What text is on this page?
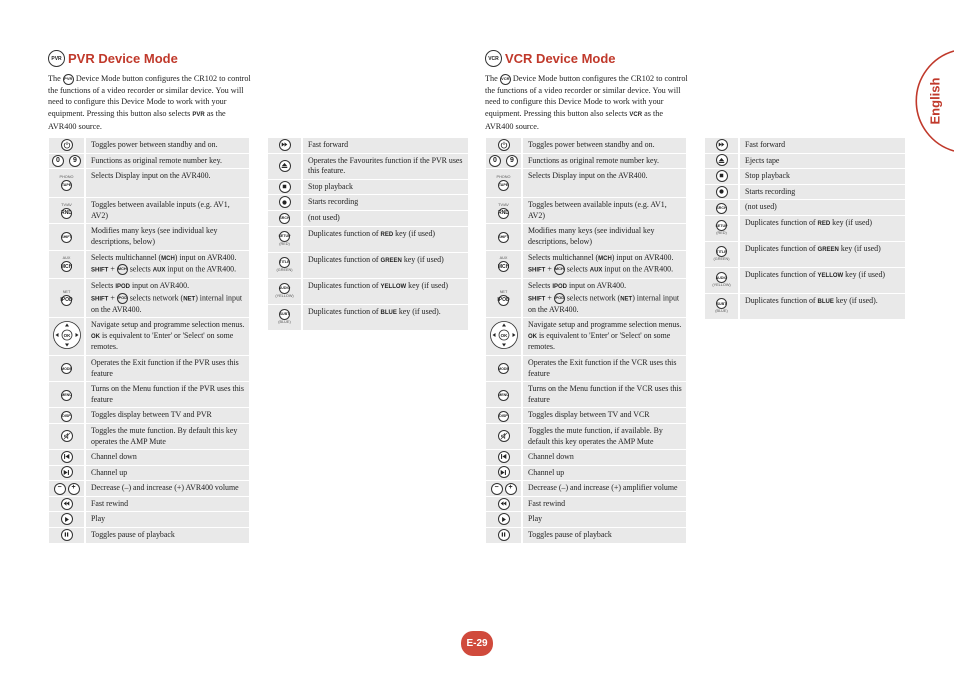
PVR PVR Device Mode
The PVR Device Mode button configures the CR102 to control the functions of a video recorder or similar device. You will need to configure this Device Mode to work with your equipment. Pressing this button also selects PVR as the AVR400 source.
	Toggles power between standby and on.

0 9	Functions as original remote number key.

PHONO
TAPE	Selects Display input on the AVR400.

TV/AV
RND	Toggles between available inputs (e.g. AV1, AV2)
SHIFT	Modifies many keys (see individual key descriptions, below)

AUX
MCH	Selects multichannel (MCH) input on AVR400.
SHIFT + MCH selects AUX input on the AVR400.

NET
IPOD	Selects IPOD input on AVR400.
SHIFT + IPOD selects network (NET) internal input on the AVR400.

OK	Navigate setup and programme selection menus.
OK is equivalent to 'Enter' or 'Select' on some remotes.
MODE	Operates the Exit function if the PVR uses this feature
MENU	Turns on the Menu function if the PVR uses this feature
DISP	Toggles display between TV and PVR

	Toggles the mute function. By default this key operates the AMP Mute

	Channel down

	Channel up

− +	Decrease (–) and increase (+) AVR400 volume

	Fast rewind

	Play

	Toggles pause of playback
	Fast forward

	Operates the Favourites function if the PVR uses this feature.

	Stop playback

	Starts recording
SRCH	(not used)

SETUP
(RED)	Duplicates function of RED key (if used)

TITLE
(GREEN)	Duplicates function of GREEN key (if used)

AUDIO
(YELLOW)	Duplicates function of YELLOW key (if used)

SUBT
(BLUE)	Duplicates function of BLUE key (if used).
VCR VCR Device Mode
The VCR Device Mode button configures the CR102 to control the functions of a video recorder or similar device. You will need to configure this Device Mode to work with your equipment. Pressing this button also selects VCR as the AVR400 source.
	Toggles power between standby and on.

0 9	Functions as original remote number key.

PHONO
TAPE	Selects Display input on the AVR400.

TV/AV
RND	Toggles between available inputs (e.g. AV1, AV2)
SHIFT	Modifies many keys (see individual key descriptions, below)

AUX
MCH	Selects multichannel (MCH) input on AVR400.
SHIFT + MCH selects AUX input on the AVR400.

NET
IPOD	Selects IPOD input on AVR400.
SHIFT + IPOD selects network (NET) internal input on the AVR400.

OK	Navigate setup and programme selection menus.
OK is equivalent to 'Enter' or 'Select' on some remotes.
MODE	Operates the Exit function if the VCR uses this feature
MENU	Turns on the Menu function if the VCR uses this feature
DISP	Toggles display between TV and VCR

	Toggles the mute function, if available. By default this key operates the AMP Mute

	Channel down

	Channel up

− +	Decrease (–) and increase (+) amplifier volume

	Fast rewind

	Play

	Toggles pause of playback
	Fast forward

	Ejects tape

	Stop playback

	Starts recording
SRCH	(not used)

SETUP
(RED)	Duplicates function of RED key (if used)

TITLE
(GREEN)	Duplicates function of GREEN key (if used)

AUDIO
(YELLOW)	Duplicates function of YELLOW key (if used)

SUBT
(BLUE)	Duplicates function of BLUE key (if used).
English
E-29
